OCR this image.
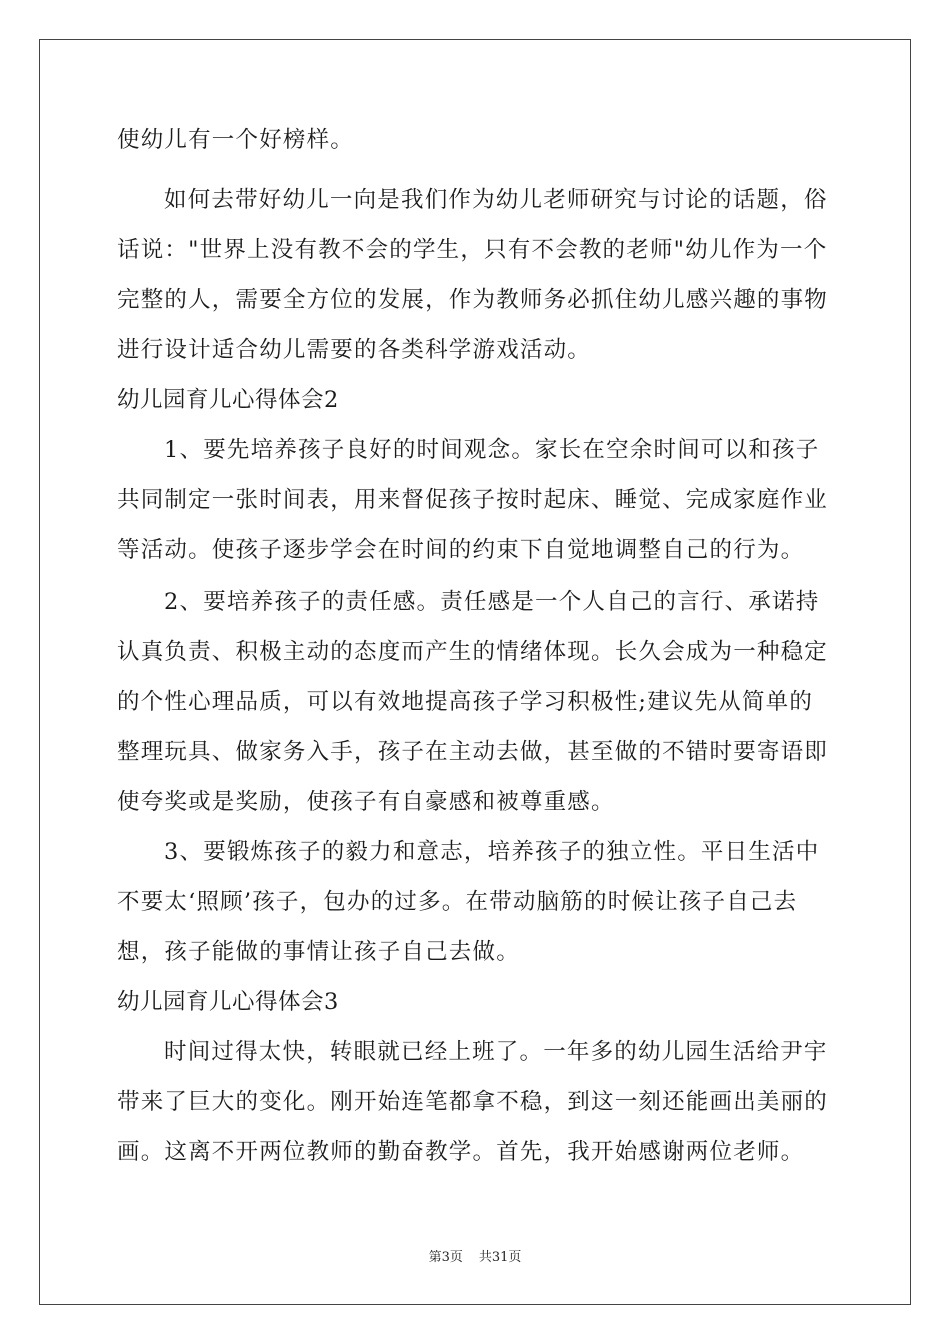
使幼儿有一个好榜样。
如何去带好幼儿一向是我们作为幼儿老师研究与讨论的话题，俗
话说："世界上没有教不会的学生，只有不会教的老师"幼儿作为一个
完整的人，需要全方位的发展，作为教师务必抓住幼儿感兴趣的事物
进行设计适合幼儿需要的各类科学游戏活动。
幼儿园育儿心得体会2
1、要先培养孩子良好的时间观念。家长在空余时间可以和孩子
共同制定一张时间表，用来督促孩子按时起床、睡觉、完成家庭作业
等活动。使孩子逐步学会在时间的约束下自觉地调整自己的行为。
2、要培养孩子的责任感。责任感是一个人自己的言行、承诺持
认真负责、积极主动的态度而产生的情绪体现。长久会成为一种稳定
的个性心理品质，可以有效地提高孩子学习积极性;建议先从简单的
整理玩具、做家务入手，孩子在主动去做，甚至做的不错时要寄语即
使夸奖或是奖励，使孩子有自豪感和被尊重感。
3、要锻炼孩子的毅力和意志，培养孩子的独立性。平日生活中
不要太‘照顾’孩子，包办的过多。在带动脑筋的时候让孩子自己去
想，孩子能做的事情让孩子自己去做。
幼儿园育儿心得体会3
时间过得太快，转眼就已经上班了。一年多的幼儿园生活给尹宇
带来了巨大的变化。刚开始连笔都拿不稳，到这一刻还能画出美丽的
画。这离不开两位教师的勤奋教学。首先，我开始感谢两位老师。
第3页 共31页
